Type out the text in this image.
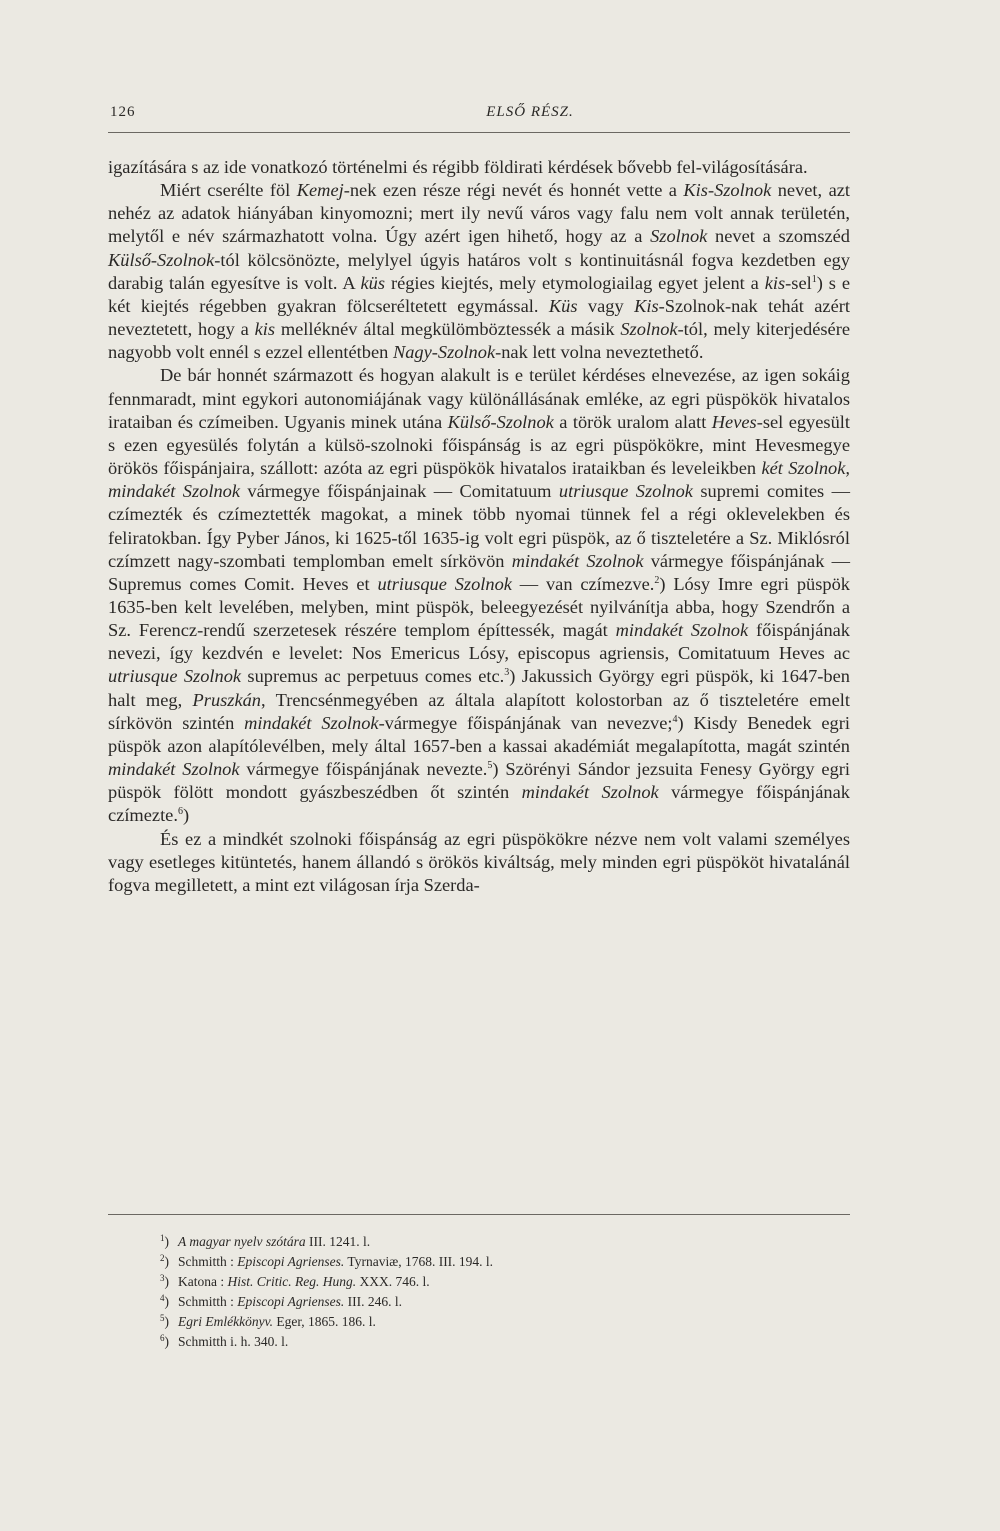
126	ELSŐ RÉSZ.

igazítására s az ide vonatkozó történelmi és régibb földirati kérdések bővebb fel-világosítására.

Miért cserélte föl Kemej-nek ezen része régi nevét és honnét vette a Kis-Szolnok nevet, azt nehéz az adatok hiányában kinyomozni; mert ily nevű város vagy falu nem volt annak területén, melytől e név származhatott volna. Úgy azért igen hihető, hogy az a Szolnok nevet a szomszéd Külső-Szolnok-tól kölcsönözte, melylyel úgyis határos volt s kontinuitásnál fogva kezdetben egy darabig talán egyesítve is volt. A küs régies kiejtés, mely etymologiailag egyet jelent a kis-sel$^1$) s e két kiejtés régebben gyakran fölcseréltetett egymással. Küs vagy Kis-Szolnok-nak tehát azért neveztetett, hogy a kis melléknév által megkülömböztessék a másik Szolnok-tól, mely kiterjedésére nagyobb volt ennél s ezzel ellentétben Nagy-Szolnok-nak lett volna neveztethető.

De bár honnét származott és hogyan alakult is e terület kérdéses elnevezése, az igen sokáig fennmaradt, mint egykori autonomiájának vagy különállásának emléke, az egri püspökök hivatalos irataiban és czímeiben. Ugyanis minek utána Külső-Szolnok a török uralom alatt Heves-sel egyesült s ezen egyesülés folytán a külsö-szolnoki főispánság is az egri püspökökre, mint Hevesmegye örökös főispánjaira, szállott: azóta az egri püspökök hivatalos irataikban és leveleikben két Szolnok, mindakét Szolnok vármegye főispánjainak — Comitatuum utriusque Szolnok supremi comites — czímezték és czímeztették magokat, a minek több nyomai tünnek fel a régi oklevelekben és feliratokban. Így Pyber János, ki 1625-től 1635-ig volt egri püspök, az ő tiszteletére a Sz. Miklósról czímzett nagy-szombati templomban emelt sírkövön mindakét Szolnok vármegye főispánjának — Supremus comes Comit. Heves et utriusque Szolnok — van czímezve.$^2$) Lósy Imre egri püspök 1635-ben kelt levelében, melyben, mint püspök, beleegyezését nyilvánítja abba, hogy Szendrőn a Sz. Ferencz-rendű szerzetesek részére templom építtessék, magát mindakét Szolnok főispánjának nevezi, így kezdvén e levelet: Nos Emericus Lósy, episcopus agriensis, Comitatuum Heves ac utriusque Szolnok supremus ac perpetuus comes etc.$^3$) Jakussich György egri püspök, ki 1647-ben halt meg, Pruszkán, Trencsénmegyében az általa alapított kolostorban az ő tiszteletére emelt sírkövön szintén mindakét Szolnok-vármegye főispánjának van nevezve;$^4$) Kisdy Benedek egri püspök azon alapítólevélben, mely által 1657-ben a kassai akadémiát megalapította, magát szintén mindakét Szolnok vármegye főispánjának nevezte.$^5$) Szörényi Sándor jezsuita Fenesy György egri püspök fölött mondott gyászbeszédben őt szintén mindakét Szolnok vármegye főispánjának czímezte.$^6$)

És ez a mindkét szolnoki főispánság az egri püspökökre nézve nem volt valami személyes vagy esetleges kitüntetés, hanem állandó s örökös kiváltság, mely minden egri püspököt hivatalánál fogva megilletett, a mint ezt világosan írja Szerda-

$^1$) A magyar nyelv szótára III. 1241. l.
$^2$) Schmitth : Episcopi Agrienses. Tyrnaviæ, 1768. III. 194. l.
$^3$) Katona : Hist. Critic. Reg. Hung. XXX. 746. l.
$^4$) Schmitth : Episcopi Agrienses. III. 246. l.
$^5$) Egri Emlékkönyv. Eger, 1865. 186. l.
$^6$) Schmitth i. h. 340. l.
